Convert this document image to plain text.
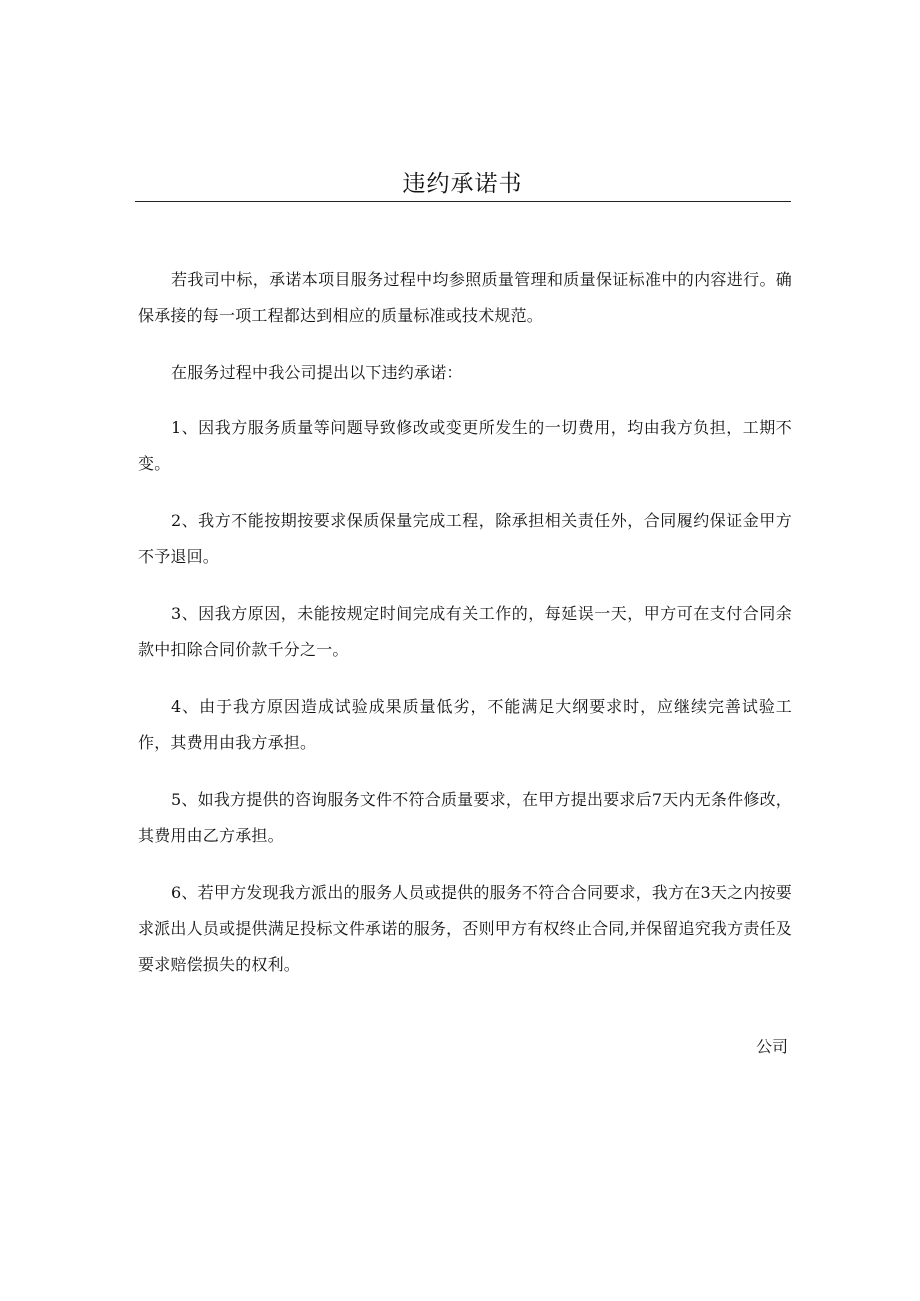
违约承诺书

若我司中标，承诺本项目服务过程中均参照质量管理和质量保证标准中的内容进行。确保承接的每一项工程都达到相应的质量标准或技术规范。

在服务过程中我公司提出以下违约承诺：

1、因我方服务质量等问题导致修改或变更所发生的一切费用，均由我方负担，工期不变。

2、我方不能按期按要求保质保量完成工程，除承担相关责任外，合同履约保证金甲方不予退回。

3、因我方原因，未能按规定时间完成有关工作的，每延误一天，甲方可在支付合同余款中扣除合同价款千分之一。

4、由于我方原因造成试验成果质量低劣，不能满足大纲要求时，应继续完善试验工作，其费用由我方承担。

5、如我方提供的咨询服务文件不符合质量要求，在甲方提出要求后7天内无条件修改，其费用由乙方承担。

6、若甲方发现我方派出的服务人员或提供的服务不符合合同要求，我方在3天之内按要求派出人员或提供满足投标文件承诺的服务，否则甲方有权终止合同,并保留追究我方责任及要求赔偿损失的权利。

公司
